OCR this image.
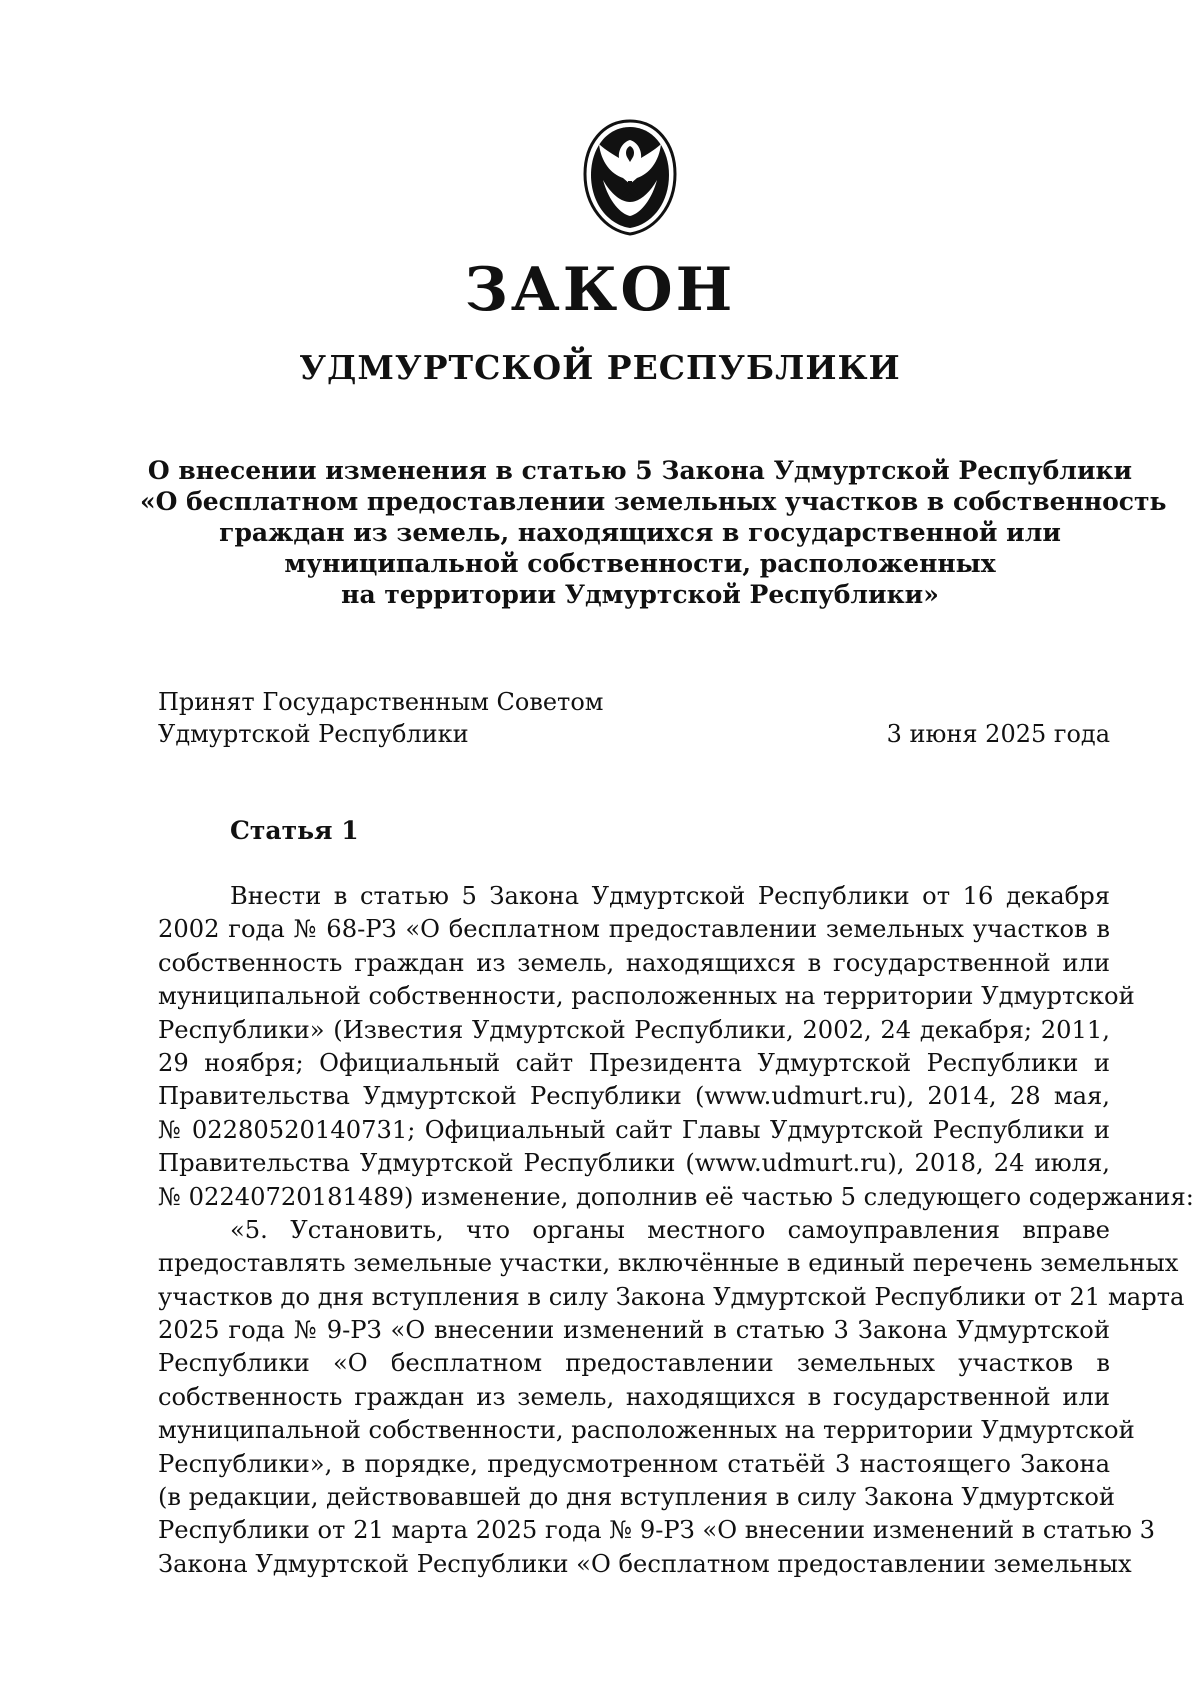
ЗАКОН
УДМУРТСКОЙ РЕСПУБЛИКИ
О внесении изменения в статью 5 Закона Удмуртской Республики
«О бесплатном предоставлении земельных участков в собственность
граждан из земель, находящихся в государственной или
муниципальной собственности, расположенных
на территории Удмуртской Республики»
Принят Государственным Советом
Удмуртской Республики	3 июня 2025 года
Статья 1
Внести в статью 5 Закона Удмуртской Республики от 16 декабря
2002 года № 68-РЗ «О бесплатном предоставлении земельных участков в
собственность граждан из земель, находящихся в государственной или
муниципальной собственности, расположенных на территории Удмуртской
Республики» (Известия Удмуртской Республики, 2002, 24 декабря; 2011,
29 ноября; Официальный сайт Президента Удмуртской Республики и
Правительства Удмуртской Республики (www.udmurt.ru), 2014, 28 мая,
№ 02280520140731; Официальный сайт Главы Удмуртской Республики и
Правительства Удмуртской Республики (www.udmurt.ru), 2018, 24 июля,
№ 02240720181489) изменение, дополнив её частью 5 следующего содержания:
«5. Установить, что органы местного самоуправления вправе
предоставлять земельные участки, включённые в единый перечень земельных
участков до дня вступления в силу Закона Удмуртской Республики от 21 марта
2025 года № 9-РЗ «О внесении изменений в статью 3 Закона Удмуртской
Республики «О бесплатном предоставлении земельных участков в
собственность граждан из земель, находящихся в государственной или
муниципальной собственности, расположенных на территории Удмуртской
Республики», в порядке, предусмотренном статьёй 3 настоящего Закона
(в редакции, действовавшей до дня вступления в силу Закона Удмуртской
Республики от 21 марта 2025 года № 9-РЗ «О внесении изменений в статью 3
Закона Удмуртской Республики «О бесплатном предоставлении земельных
